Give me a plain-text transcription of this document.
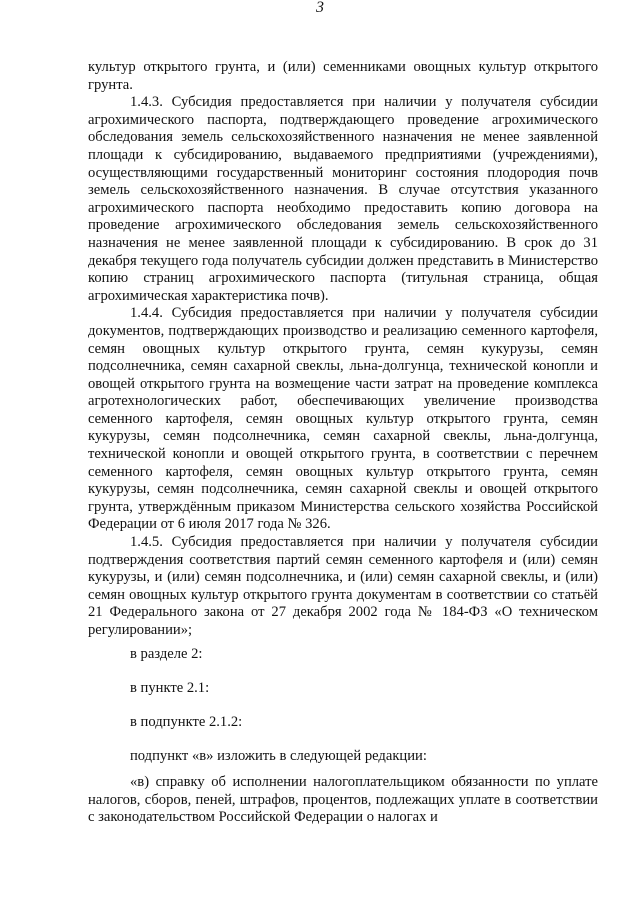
3

культур открытого грунта, и (или) семенниками овощных культур открытого грунта.

1.4.3. Субсидия предоставляется при наличии у получателя субсидии агрохимического паспорта, подтверждающего проведение агрохимического обследования земель сельскохозяйственного назначения не менее заявленной площади к субсидированию, выдаваемого предприятиями (учреждениями), осуществляющими государственный мониторинг состояния плодородия почв земель сельскохозяйственного назначения. В случае отсутствия указанного агрохимического паспорта необходимо предоставить копию договора на проведение агрохимического обследования земель сельскохозяйственного назначения не менее заявленной площади к субсидированию. В срок до 31 декабря текущего года получатель субсидии должен представить в Министерство копию страниц агрохимического паспорта (титульная страница, общая агрохимическая характеристика почв).

1.4.4. Субсидия предоставляется при наличии у получателя субсидии документов, подтверждающих производство и реализацию семенного картофеля, семян овощных культур открытого грунта, семян кукурузы, семян подсолнечника, семян сахарной свеклы, льна-долгунца, технической конопли и овощей открытого грунта на возмещение части затрат на проведение комплекса агротехнологических работ, обеспечивающих увеличение производства семенного картофеля, семян овощных культур открытого грунта, семян кукурузы, семян подсолнечника, семян сахарной свеклы, льна-долгунца, технической конопли и овощей открытого грунта, в соответствии с перечнем семенного картофеля, семян овощных культур открытого грунта, семян кукурузы, семян подсолнечника, семян сахарной свеклы и овощей открытого грунта, утверждённым приказом Министерства сельского хозяйства Российской Федерации от 6 июля 2017 года № 326.

1.4.5. Субсидия предоставляется при наличии у получателя субсидии подтверждения соответствия партий семян семенного картофеля и (или) семян кукурузы, и (или) семян подсолнечника, и (или) семян сахарной свеклы, и (или) семян овощных культур открытого грунта документам в соответствии со статьёй 21 Федерального закона от 27 декабря 2002 года № 184-ФЗ «О техническом регулировании»;

в разделе 2:

в пункте 2.1:

в подпункте 2.1.2:

подпункт «в» изложить в следующей редакции:

«в) справку об исполнении налогоплательщиком обязанности по уплате налогов, сборов, пеней, штрафов, процентов, подлежащих уплате в соответствии с законодательством Российской Федерации о налогах и
